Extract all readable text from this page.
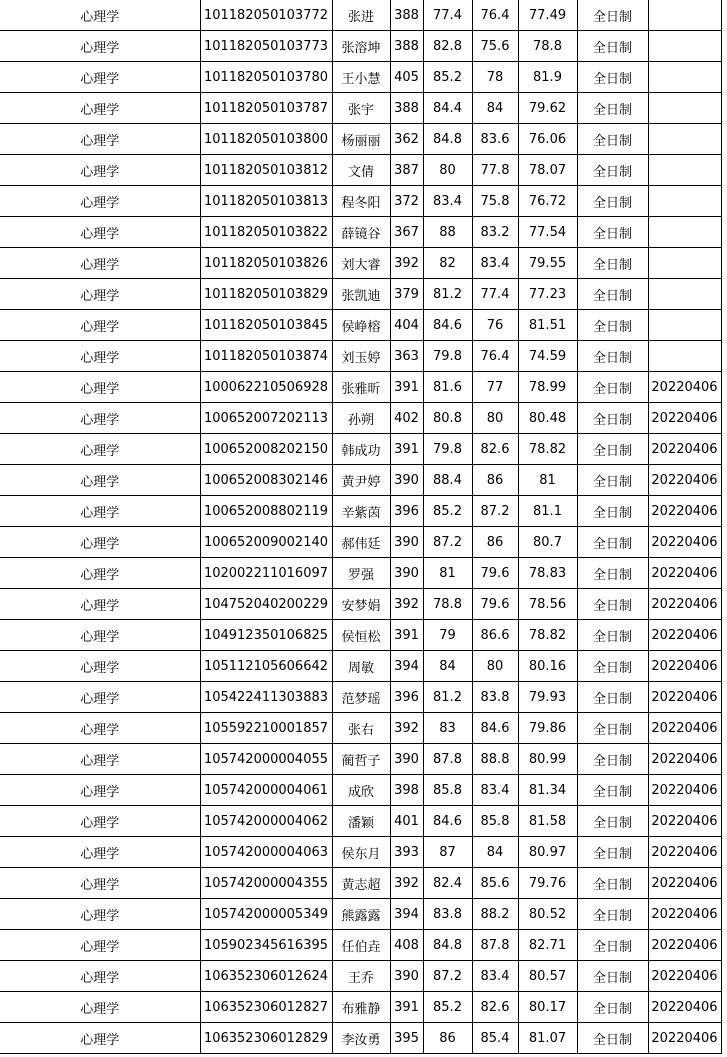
心理学	101182050103772	张进	388	77.4	76.4	77.49	全日制	
心理学	101182050103773	张溶坤	388	82.8	75.6	78.8	全日制	
心理学	101182050103780	王小慧	405	85.2	78	81.9	全日制	
心理学	101182050103787	张宇	388	84.4	84	79.62	全日制	
心理学	101182050103800	杨丽丽	362	84.8	83.6	76.06	全日制	
心理学	101182050103812	文倩	387	80	77.8	78.07	全日制	
心理学	101182050103813	程冬阳	372	83.4	75.8	76.72	全日制	
心理学	101182050103822	薛镜谷	367	88	83.2	77.54	全日制	
心理学	101182050103826	刘大睿	392	82	83.4	79.55	全日制	
心理学	101182050103829	张凯迪	379	81.2	77.4	77.23	全日制	
心理学	101182050103845	侯峥榕	404	84.6	76	81.51	全日制	
心理学	101182050103874	刘玉婷	363	79.8	76.4	74.59	全日制	
心理学	100062210506928	张雅昕	391	81.6	77	78.99	全日制	20220406
心理学	100652007202113	孙朔	402	80.8	80	80.48	全日制	20220406
心理学	100652008202150	韩成功	391	79.8	82.6	78.82	全日制	20220406
心理学	100652008302146	黄尹婷	390	88.4	86	81	全日制	20220406
心理学	100652008802119	辛紫茵	396	85.2	87.2	81.1	全日制	20220406
心理学	100652009002140	郝伟廷	390	87.2	86	80.7	全日制	20220406
心理学	102002211016097	罗强	390	81	79.6	78.83	全日制	20220406
心理学	104752040200229	安梦娟	392	78.8	79.6	78.56	全日制	20220406
心理学	104912350106825	侯恒松	391	79	86.6	78.82	全日制	20220406
心理学	105112105606642	周敏	394	84	80	80.16	全日制	20220406
心理学	105422411303883	范梦瑶	396	81.2	83.8	79.93	全日制	20220406
心理学	105592210001857	张右	392	83	84.6	79.86	全日制	20220406
心理学	105742000004055	蔺哲子	390	87.8	88.8	80.99	全日制	20220406
心理学	105742000004061	成欣	398	85.8	83.4	81.34	全日制	20220406
心理学	105742000004062	潘颖	401	84.6	85.8	81.58	全日制	20220406
心理学	105742000004063	侯东月	393	87	84	80.97	全日制	20220406
心理学	105742000004355	黄志超	392	82.4	85.6	79.76	全日制	20220406
心理学	105742000005349	熊露露	394	83.8	88.2	80.52	全日制	20220406
心理学	105902345616395	任伯垚	408	84.8	87.8	82.71	全日制	20220406
心理学	106352306012624	王乔	390	87.2	83.4	80.57	全日制	20220406
心理学	106352306012827	布雅静	391	85.2	82.6	80.17	全日制	20220406
心理学	106352306012829	李汝勇	395	86	85.4	81.07	全日制	20220406
